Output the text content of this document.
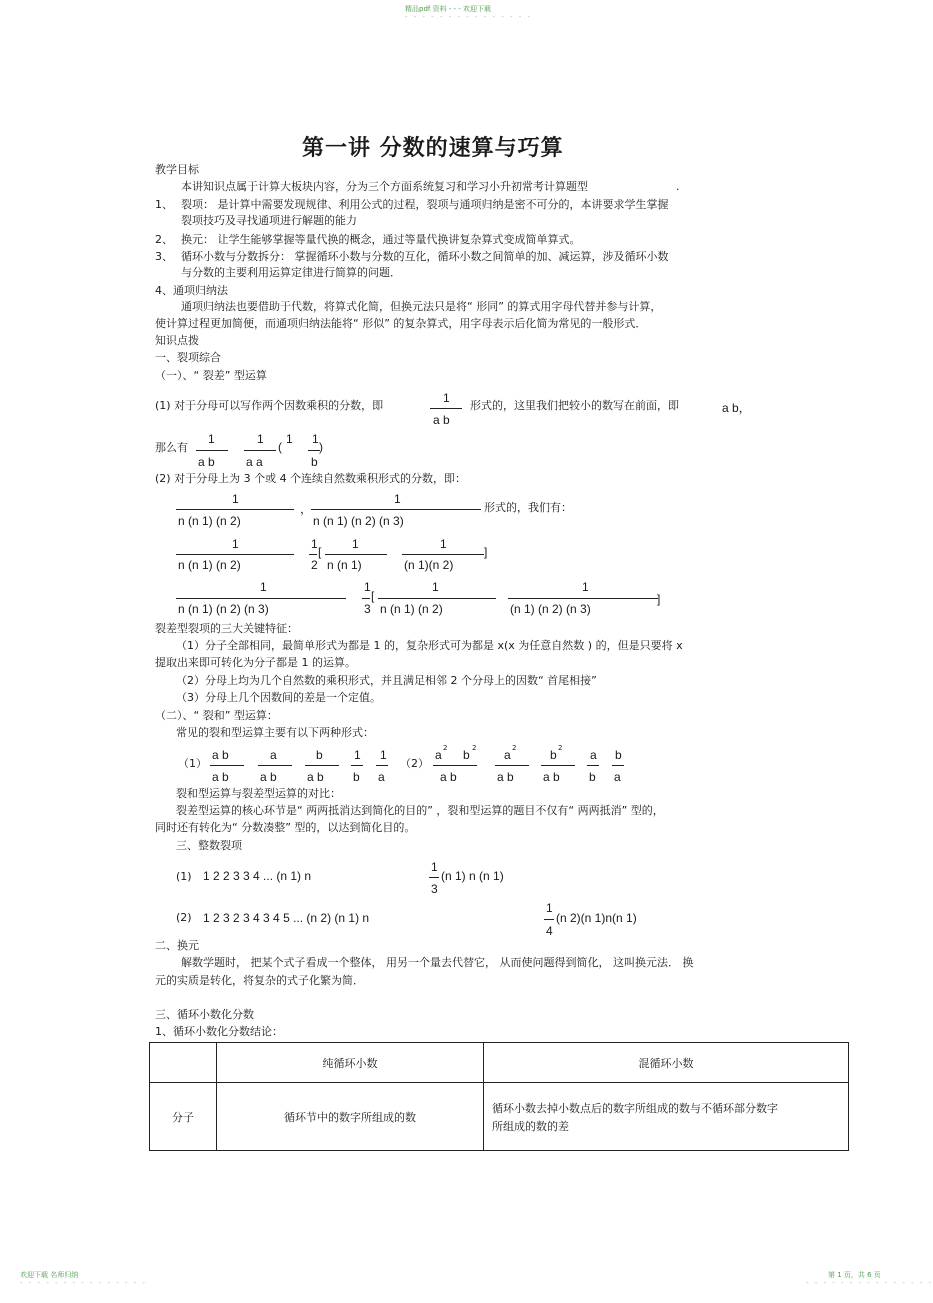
精品pdf 资料 - - - 欢迎下载
- - - - - - - - - - - - - - -
第一讲 分数的速算与巧算
教学目标
本讲知识点属于计算大板块内容，分为三个方面系统复习和学习小升初常考计算题型	.
1、 裂项： 是计算中需要发现规律、利用公式的过程，裂项与通项归纳是密不可分的，本讲要求学生掌握
裂项技巧及寻找通项进行解题的能力
2、 换元： 让学生能够掌握等量代换的概念，通过等量代换讲复杂算式变成简单算式。
3、 循环小数与分数拆分： 掌握循环小数与分数的互化，循环小数之间简单的加、减运算，涉及循环小数
与分数的主要利用运算定律进行简算的问题．
4、通项归纳法
通项归纳法也要借助于代数，将算式化简，但换元法只是将“ 形同” 的算式用字母代替并参与计算，
使计算过程更加简便，而通项归纳法能将“ 形似” 的复杂算式，用字母表示后化简为常见的一般形式．
知识点拨
一、裂项综合
（一）、“ 裂差” 型运算
(1) 对于分母可以写作两个因数乘积的分数，即
1
a b
形式的，这里我们把较小的数写在前面，即	a b，
那么有
1
a b
1
a a
(
1 1
b
)
(2) 对于分母上为 3 个或 4 个连续自然数乘积形式的分数，即：
1
n (n 1) (n 2)
，
1
n (n 1) (n 2) (n 3)
形式的，我们有：
1
n (n 1) (n 2)
1
2
[
1
n (n 1)
1
(n 1)(n 2)
]
1
n (n 1) (n 2) (n 3)
1
3
[
1
n (n 1) (n 2)
1
(n 1) (n 2) (n 3)
]
裂差型裂项的三大关键特征：
（1）分子全部相同，最简单形式为都是 1 的，复杂形式可为都是 x(x 为任意自然数 ) 的，但是只要将 x
提取出来即可转化为分子都是 1 的运算。
（2）分母上均为几个自然数的乘积形式，并且满足相邻 2 个分母上的因数“ 首尾相接”
（3）分母上几个因数间的差是一个定值。
（二）、“ 裂和” 型运算：
常见的裂和型运算主要有以下两种形式：
（1）
a b
a b
a
a b
b
a b
1
b
1
a
（2）
a 2 b 2
a b
a 2
a b
b 2
a b
a
b
b
a
裂和型运算与裂差型运算的对比：
裂差型运算的核心环节是“ 两两抵消达到简化的目的” ，裂和型运算的题目不仅有“ 两两抵消” 型的，
同时还有转化为“ 分数凑整” 型的，以达到简化目的。
三、整数裂项
(1) 1 2 2 3 3 4 ... (n 1) n
1
3
(n 1) n (n 1)
(2) 1 2 3 2 3 4 3 4 5 ... (n 2) (n 1) n
1
4
(n 2)(n 1)n(n 1)
二、换元
解数学题时， 把某个式子看成一个整体， 用另一个量去代替它， 从而使问题得到简化， 这叫换元法． 换
元的实质是转化，将复杂的式子化繁为简．
三、循环小数化分数
1、循环小数化分数结论：
	纯循环小数	混循环小数
分子	循环节中的数字所组成的数	循环小数去掉小数点后的数字所组成的数与不循环部分数字
所组成的数的差
欢迎下载 名师归纳
- - - - - - - - - - - - - - -
第 1 页，共 6 页
- - - - - - - - - - - - - - -
